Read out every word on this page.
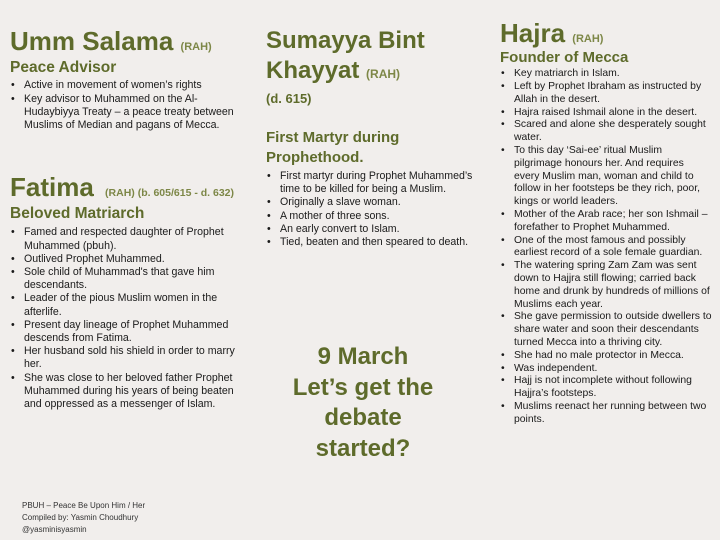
Umm Salama (RAH)
Peace Advisor
• Active in movement of women’s rights
• Key advisor to Muhammed on the Al-Hudaybiyya Treaty – a peace treaty between Muslims of Median and pagans of Mecca.
Fatima (RAH) (b. 605/615 - d. 632)
Beloved Matriarch
• Famed and respected daughter of Prophet Muhammed (pbuh).
• Outlived Prophet Muhammed.
• Sole child of Muhammad's that gave him descendants.
• Leader of the pious Muslim women in the afterlife.
• Present day lineage of Prophet Muhammed descends from Fatima.
• Her husband sold his shield in order to marry her.
• She was close to her beloved father Prophet Muhammed during his years of being beaten and oppressed as a messenger of Islam.
Sumayya Bint
Khayyat (RAH)
(d. 615)
First Martyr during
Prophethood.
• First martyr during Prophet Muhammed’s time to be killed for being a Muslim.
• Originally a slave woman.
• A mother of three sons.
• An early convert to Islam.
• Tied, beaten and then speared to death.
Hajra (RAH)
Founder of Mecca
• Key matriarch in Islam.
• Left by Prophet Ibraham as instructed by Allah in the desert.
• Hajra raised Ishmail alone in the desert.
• Scared and alone she desperately sought water.
• To this day ‘Sai-ee’ ritual Muslim pilgrimage honours her. And requires every Muslim man, woman and child to follow in her footsteps be they rich, poor, kings or world leaders.
• Mother of the Arab race; her son Ishmail – forefather to Prophet Muhammed.
• One of the most famous and possibly earliest record of a sole female guardian.
• The watering spring Zam Zam was sent down to Hajjra still flowing; carried back home and drunk by hundreds of millions of Muslims each year.
• She gave permission to outside dwellers to share water and soon their descendants turned Mecca into a thriving city.
• She had no male protector in Mecca.
• Was independent.
• Hajj is not incomplete without following Hajjra’s footsteps.
• Muslims reenact her running between two points.
9 March
Let’s get the
debate
started?
PBUH – Peace Be Upon Him / Her
Compiled by: Yasmin Choudhury
@yasminisyasmin
